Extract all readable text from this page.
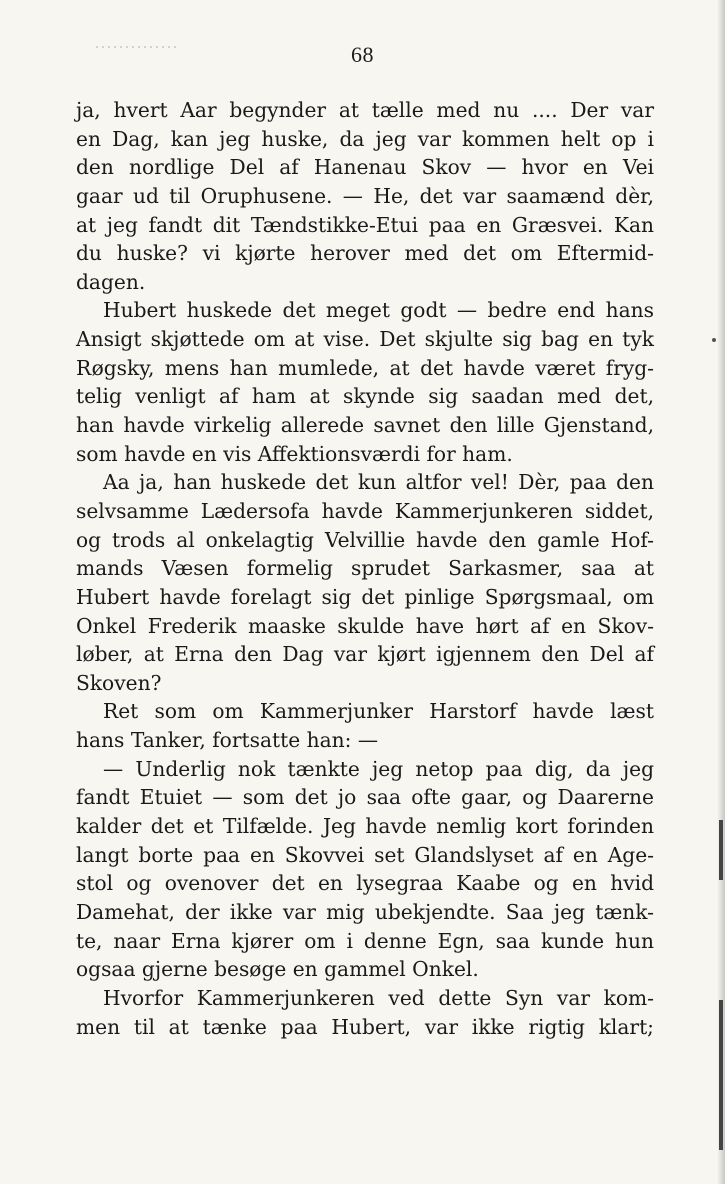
68
ja, hvert Aar begynder at tælle med nu .... Der var
en Dag, kan jeg huske, da jeg var kommen helt op i
den nordlige Del af Hanenau Skov — hvor en Vei
gaar ud til Oruphusene. — He, det var saamænd dèr,
at jeg fandt dit Tændstikke-Etui paa en Græsvei. Kan
du huske? vi kjørte herover med det om Eftermid-
dagen.
Hubert huskede det meget godt — bedre end hans
Ansigt skjøttede om at vise. Det skjulte sig bag en tyk
Røgsky, mens han mumlede, at det havde været fryg-
telig venligt af ham at skynde sig saadan med det,
han havde virkelig allerede savnet den lille Gjenstand,
som havde en vis Affektionsværdi for ham.
Aa ja, han huskede det kun altfor vel! Dèr, paa den
selvsamme Lædersofa havde Kammerjunkeren siddet,
og trods al onkelagtig Velvillie havde den gamle Hof-
mands Væsen formelig sprudet Sarkasmer, saa at
Hubert havde forelagt sig det pinlige Spørgsmaal, om
Onkel Frederik maaske skulde have hørt af en Skov-
løber, at Erna den Dag var kjørt igjennem den Del af
Skoven?
Ret som om Kammerjunker Harstorf havde læst
hans Tanker, fortsatte han: —
— Underlig nok tænkte jeg netop paa dig, da jeg
fandt Etuiet — som det jo saa ofte gaar, og Daarerne
kalder det et Tilfælde. Jeg havde nemlig kort forinden
langt borte paa en Skovvei set Glandslyset af en Age-
stol og ovenover det en lysegraa Kaabe og en hvid
Damehat, der ikke var mig ubekjendte. Saa jeg tænk-
te, naar Erna kjører om i denne Egn, saa kunde hun
ogsaa gjerne besøge en gammel Onkel.
Hvorfor Kammerjunkeren ved dette Syn var kom-
men til at tænke paa Hubert, var ikke rigtig klart;
